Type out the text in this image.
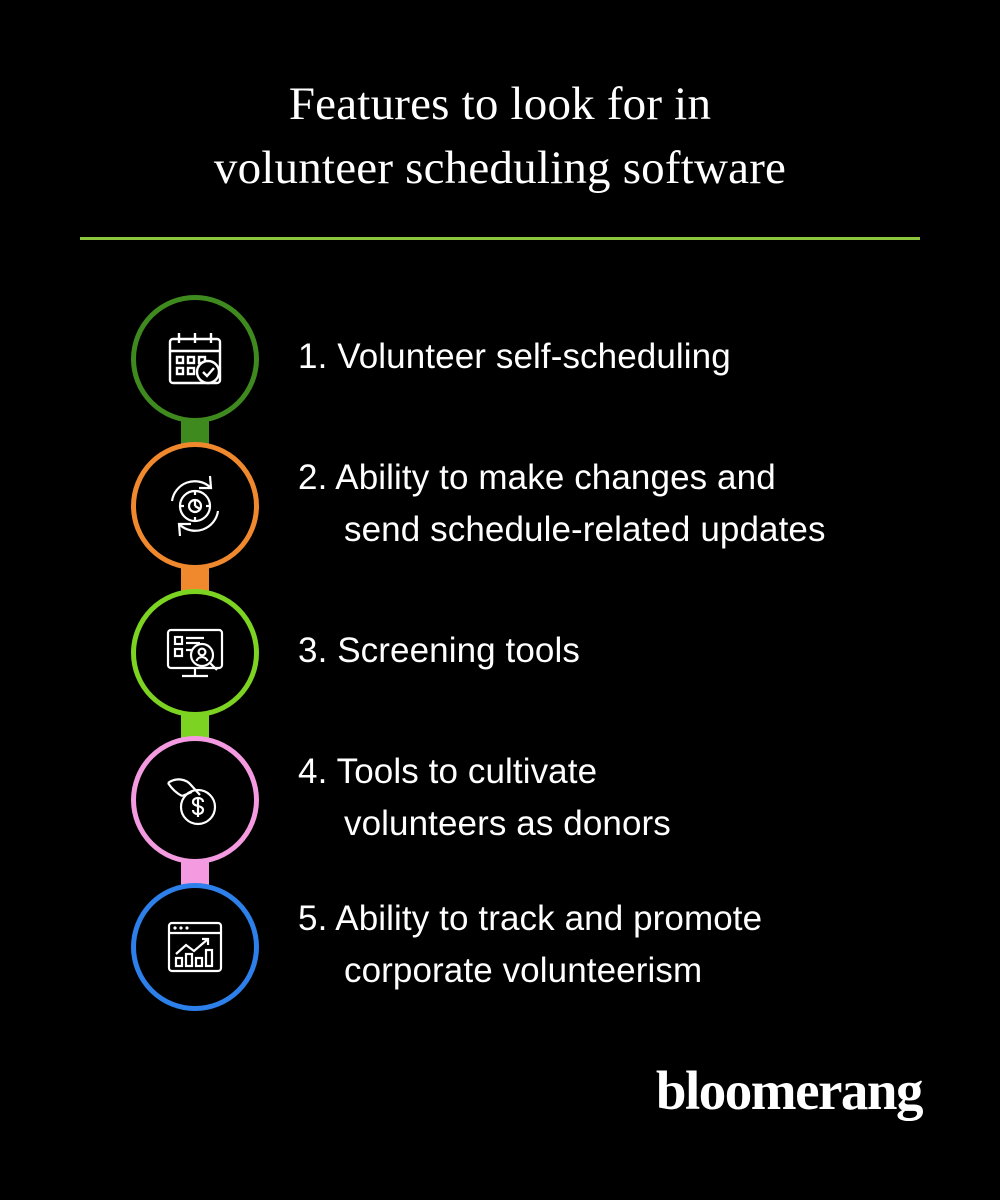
Features to look for in
volunteer scheduling software
1. Volunteer self-scheduling
2. Ability to make changes and
send schedule-related updates
3. Screening tools
4. Tools to cultivate
volunteers as donors
5. Ability to track and promote
corporate volunteerism
bloomerang
